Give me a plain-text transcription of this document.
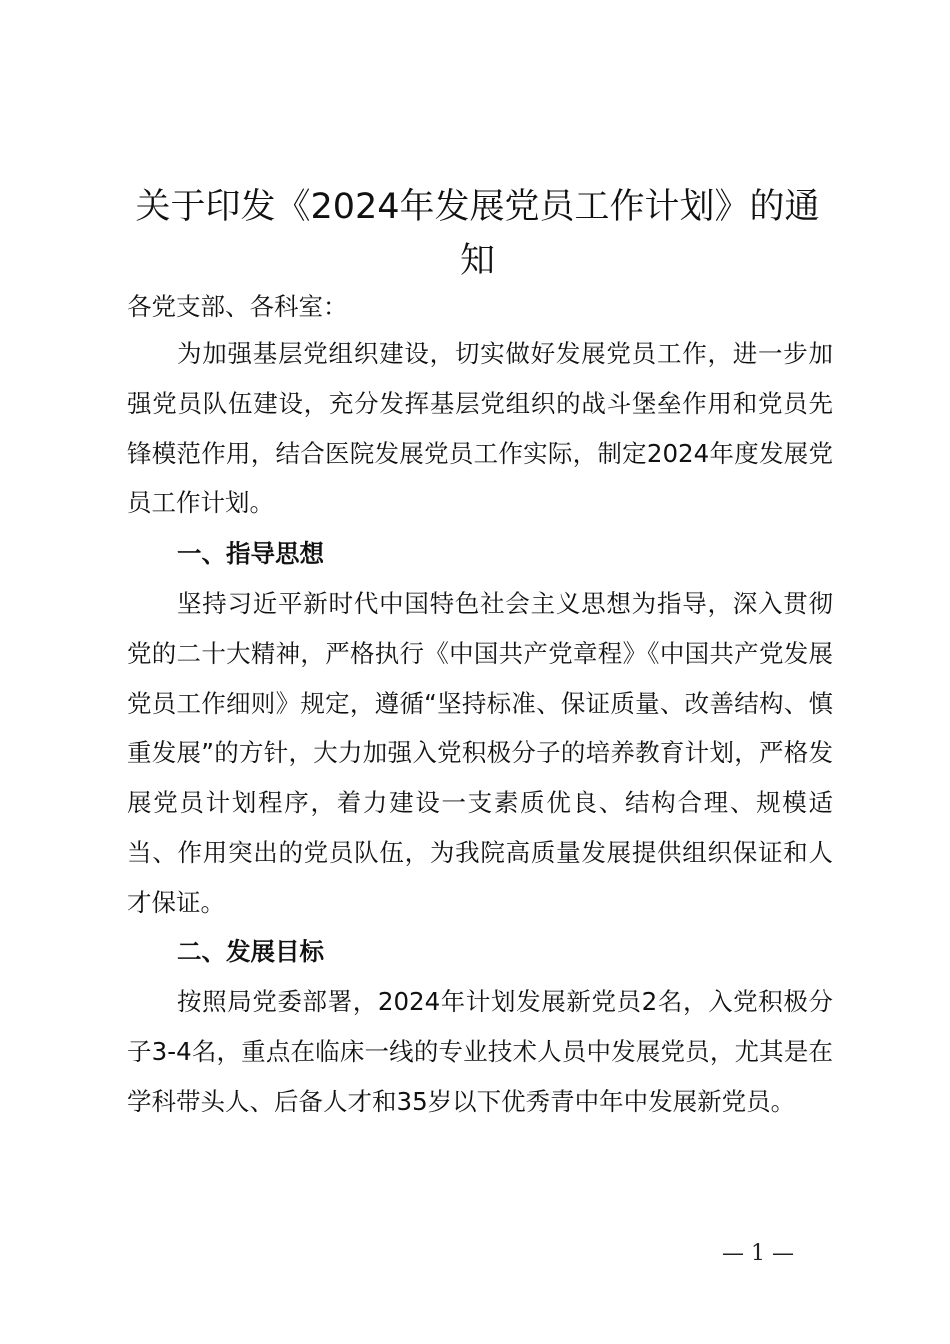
关于印发《2024年发展党员工作计划》的通知

各党支部、各科室：

为加强基层党组织建设，切实做好发展党员工作，进一步加强党员队伍建设，充分发挥基层党组织的战斗堡垒作用和党员先锋模范作用，结合医院发展党员工作实际，制定2024年度发展党员工作计划。

一、指导思想

坚持习近平新时代中国特色社会主义思想为指导，深入贯彻党的二十大精神，严格执行《中国共产党章程》《中国共产党发展党员工作细则》规定，遵循“坚持标准、保证质量、改善结构、慎重发展”的方针，大力加强入党积极分子的培养教育计划，严格发展党员计划程序，着力建设一支素质优良、结构合理、规模适当、作用突出的党员队伍，为我院高质量发展提供组织保证和人才保证。

二、发展目标

按照局党委部署，2024年计划发展新党员2名，入党积极分子3-4名，重点在临床一线的专业技术人员中发展党员，尤其是在学科带头人、后备人才和35岁以下优秀青中年中发展新党员。

— 1 —
